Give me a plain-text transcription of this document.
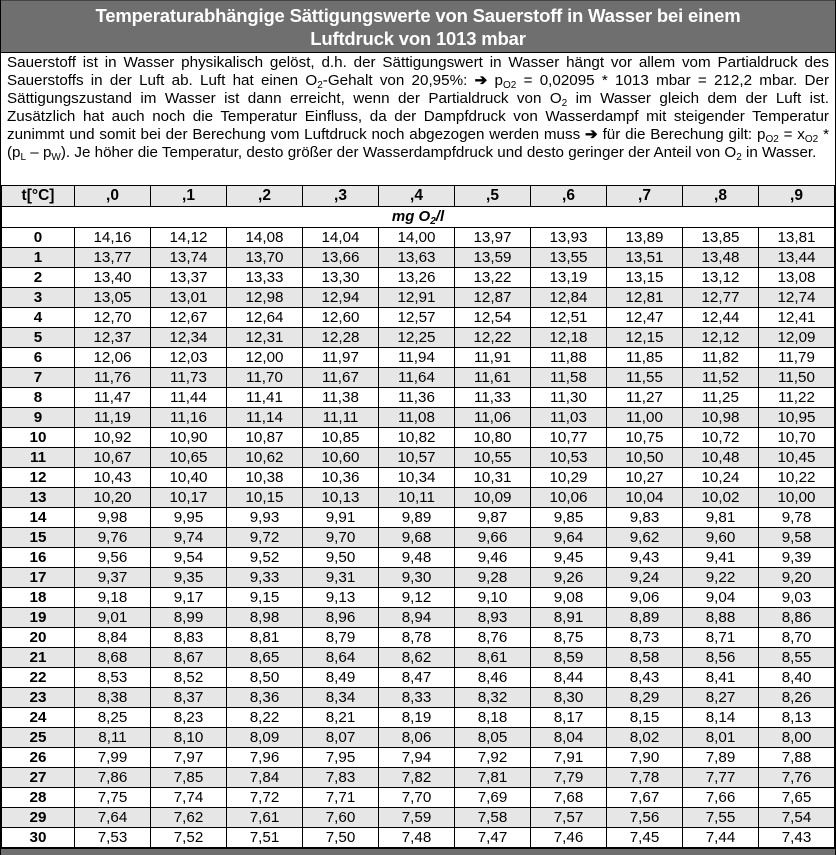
Temperaturabhängige Sättigungswerte von Sauerstoff in Wasser bei einem
Luftdruck von 1013 mbar

Sauerstoff ist in Wasser physikalisch gelöst, d.h. der Sättigungswert in Wasser hängt vor allem vom Partialdruck des Sauerstoffs in der Luft ab. Luft hat einen $O_2$-Gehalt von 20,95%: ➔ $p_{O2} = 0,02095 * 1013$ mbar = 212,2 mbar. Der Sättigungszustand im Wasser ist dann erreicht, wenn der Partialdruck von $O_2$ im Wasser gleich dem der Luft ist. Zusätzlich hat auch noch die Temperatur Einfluss, da der Dampfdruck von Wasserdampf mit steigender Temperatur zunimmt und somit bei der Berechung vom Luftdruck noch abgezogen werden muss ➔ für die Berechung gilt: $p_{O2} = x_{O2} * (p_L - p_W)$. Je höher die Temperatur, desto größer der Wasserdampfdruck und desto geringer der Anteil von $O_2$ in Wasser.

t[°C]	,0	,1	,2	,3	,4	,5	,6	,7	,8	,9
mg $O_2/l$										
0	14,16	14,12	14,08	14,04	14,00	13,97	13,93	13,89	13,85	13,81
1	13,77	13,74	13,70	13,66	13,63	13,59	13,55	13,51	13,48	13,44
2	13,40	13,37	13,33	13,30	13,26	13,22	13,19	13,15	13,12	13,08
3	13,05	13,01	12,98	12,94	12,91	12,87	12,84	12,81	12,77	12,74
4	12,70	12,67	12,64	12,60	12,57	12,54	12,51	12,47	12,44	12,41
5	12,37	12,34	12,31	12,28	12,25	12,22	12,18	12,15	12,12	12,09
6	12,06	12,03	12,00	11,97	11,94	11,91	11,88	11,85	11,82	11,79
7	11,76	11,73	11,70	11,67	11,64	11,61	11,58	11,55	11,52	11,50
8	11,47	11,44	11,41	11,38	11,36	11,33	11,30	11,27	11,25	11,22
9	11,19	11,16	11,14	11,11	11,08	11,06	11,03	11,00	10,98	10,95
10	10,92	10,90	10,87	10,85	10,82	10,80	10,77	10,75	10,72	10,70
11	10,67	10,65	10,62	10,60	10,57	10,55	10,53	10,50	10,48	10,45
12	10,43	10,40	10,38	10,36	10,34	10,31	10,29	10,27	10,24	10,22
13	10,20	10,17	10,15	10,13	10,11	10,09	10,06	10,04	10,02	10,00
14	9,98	9,95	9,93	9,91	9,89	9,87	9,85	9,83	9,81	9,78
15	9,76	9,74	9,72	9,70	9,68	9,66	9,64	9,62	9,60	9,58
16	9,56	9,54	9,52	9,50	9,48	9,46	9,45	9,43	9,41	9,39
17	9,37	9,35	9,33	9,31	9,30	9,28	9,26	9,24	9,22	9,20
18	9,18	9,17	9,15	9,13	9,12	9,10	9,08	9,06	9,04	9,03
19	9,01	8,99	8,98	8,96	8,94	8,93	8,91	8,89	8,88	8,86
20	8,84	8,83	8,81	8,79	8,78	8,76	8,75	8,73	8,71	8,70
21	8,68	8,67	8,65	8,64	8,62	8,61	8,59	8,58	8,56	8,55
22	8,53	8,52	8,50	8,49	8,47	8,46	8,44	8,43	8,41	8,40
23	8,38	8,37	8,36	8,34	8,33	8,32	8,30	8,29	8,27	8,26
24	8,25	8,23	8,22	8,21	8,19	8,18	8,17	8,15	8,14	8,13
25	8,11	8,10	8,09	8,07	8,06	8,05	8,04	8,02	8,01	8,00
26	7,99	7,97	7,96	7,95	7,94	7,92	7,91	7,90	7,89	7,88
27	7,86	7,85	7,84	7,83	7,82	7,81	7,79	7,78	7,77	7,76
28	7,75	7,74	7,72	7,71	7,70	7,69	7,68	7,67	7,66	7,65
29	7,64	7,62	7,61	7,60	7,59	7,58	7,57	7,56	7,55	7,54
30	7,53	7,52	7,51	7,50	7,48	7,47	7,46	7,45	7,44	7,43
